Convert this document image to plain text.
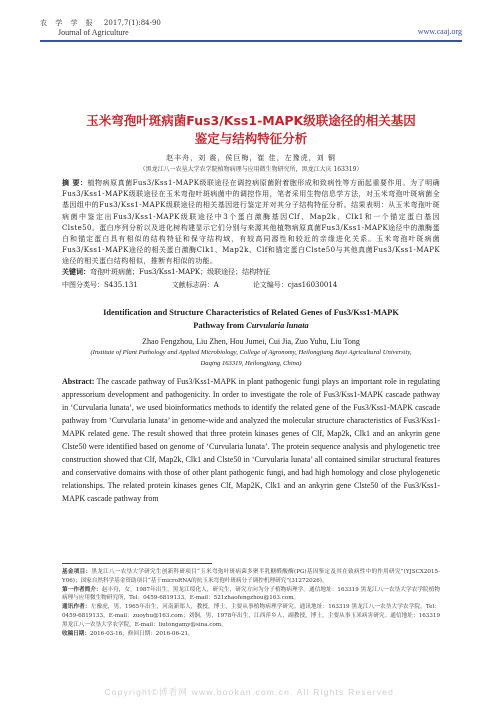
农 学 学 报 2017,7(1):84-90
Journal of Agriculture	www.caaj.org
玉米弯孢叶斑病菌Fus3/Kss1-MAPK级联途径的相关基因鉴定与结构特征分析
赵丰舟，刘 震，侯巨梅，崔 佳，左豫虎，刘 铜
（黑龙江八一农垦大学农学院植物病理与应用微生物研究所，黑龙江大庆 163319）
摘 要：植物病原真菌Fus3/Kss1-MAPK级联途径在调控病原菌附着胞形成和致病性等方面起重要作用。为了明确Fus3/Kss1-MAPK级联途径在玉米弯孢叶斑病菌中的调控作用，笔者采用生物信息学方法，对玉米弯孢叶斑病菌全基因组中的Fus3/Kss1-MAPK级联途径的相关基因进行鉴定并对其分子结构特征分析。结果表明：从玉米弯孢叶斑病菌中鉴定出Fus3/Kss1-MAPK级联途径中3个蛋白激酶基因Clf、Map2k、Clk1和一个锚定蛋白基因Clste50。蛋白序列分析以及进化树构建显示它们分别与来源其他植物病原真菌Fus3/Kss1-MAPK途径中的激酶蛋白和锚定蛋白具有相似的结构特征和保守结构域，有较高同源性和较近的亲缘进化关系。玉米弯孢叶斑病菌Fus3/Kss1-MAPK途径的相关蛋白激酶Clk1、Map2k、Clf和锚定蛋白Clste50与其他真菌Fus3/Kss1-MAPK途径的相关蛋白结构相似，推断有相似的功能。
关键词：弯孢叶斑病菌；Fus3/Kss1-MAPK；级联途径；结构特征
中图分类号：S435.131	文献标志码：A	论文编号：cjas16030014
Identification and Structure Characteristics of Related Genes of Fus3/Kss1-MAPK Pathway from Curvularia lunata
Zhao Fengzhou, Liu Zhen, Hou Jumei, Cui Jia, Zuo Yuhu, Liu Tong
(Institute of Plant Pathology and Applied Microbiology, College of Agronomy, Heilongjiang Bayi Agricultural University, Daqing 163319, Heilongjiang, China)
Abstract: The cascade pathway of Fus3/Kss1-MAPK in plant pathogenic fungi plays an important role in regulating appressorium development and pathogenicity. In order to investigate the role of Fus3/Kss1-MAPK cascade pathway in ‘Curvularia lunata’, we used bioinformatics methods to identify the related gene of the Fus3/Kss1-MAPK cascade pathway from ‘Curvularia lunata’ in genome-wide and analyzed the molecular structure characteristics of Fus3/Kss1-MAPK related gene. The result showed that three protein kinases genes of Clf, Map2k, Clk1 and an ankyrin gene Clste50 were identified based on genome of ‘Curvularia lunata’. The protein sequence analysis and phylogenetic tree construction showed that Clf, Map2k, Clk1 and Clste50 in ‘Curvularia lunata’ all contained similar structural features and conservative domains with those of other plant pathogenic fungi, and had high homology and close phylogenetic relationships. The related protein kinases genes Clf, Map2K, Clk1 and an ankyrin gene Clste50 of the Fus3/Kss1-MAPK cascade pathway from
基金项目：黑龙江八一农垦大学研究生创新科研项目“玉米弯孢叶斑病菌多聚半乳糖醛酸酶(PG)基因鉴定及其在致病性中的作用研究”(YJSCX2015-Y06)；国家自然科学基金资助项目“基于microRNA的抗玉米弯孢叶斑病分子调控机理研究”(31272026)。
第一作者简介：赵丰舟，女，1987年出生，黑龙江绥化人，研究生，研究方向为分子植物病理学。通信地址：163319 黑龙江八一农垦大学农学院植物病理与应用微生物研究所，Tel：0459-6819133，E-mail：521zhaofengzhou@163.com。
通讯作者：左豫虎，男，1965年出生，河南新郑人，教授，博士，主要从事植物病理学研究。通讯地址：163319 黑龙江八一农垦大学农学院，Tel：0459-6819133，E-mail：zuoyhu@163.com；刘铜，男，1978年出生，江西萍乡人，副教授，博士，主要从事玉米病害研究。通信地址：163319 黑龙江八一农垦大学农学院，E-mail：liutongamy@sina.com。
收稿日期：2016-03-16，修回日期：2016-06-21。
Copyright©博看网 www.bookan.com.cn. All Rights Reserved.
